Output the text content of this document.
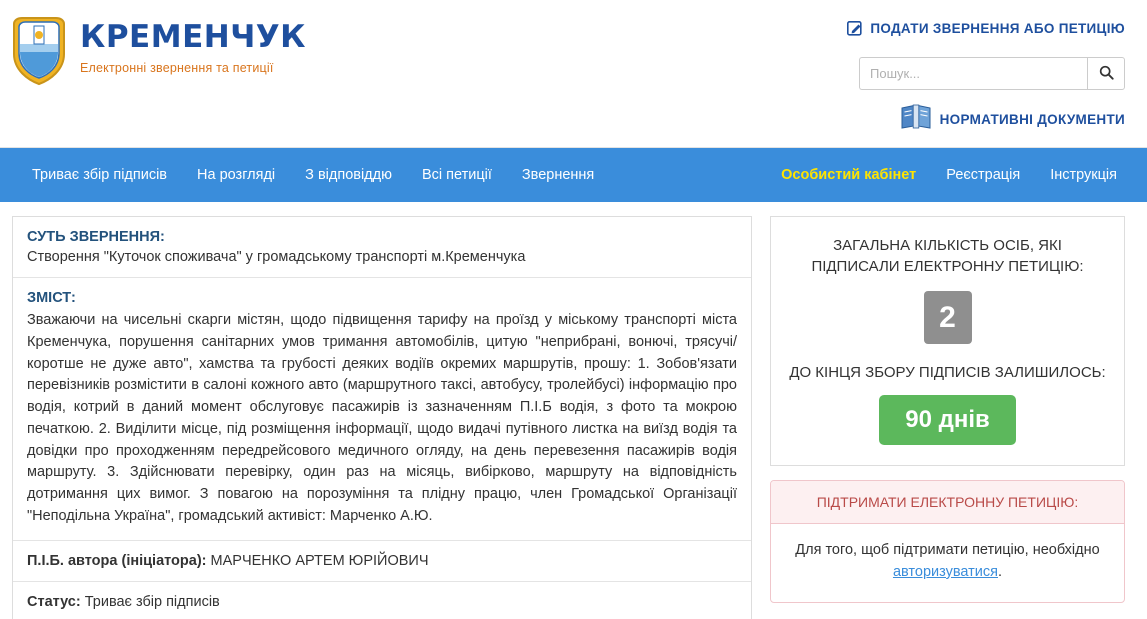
КРЕМЕНЧУК
Електронні звернення та петиції
ПОДАТИ ЗВЕРНЕННЯ АБО ПЕТИЦІЮ
Пошук...
НОРМАТИВНІ ДОКУМЕНТИ
Триває збір підписів	На розгляді	З відповіддю	Всі петиції	Звернення	Особистий кабінет	Реєстрація	Інструкція
СУТЬ ЗВЕРНЕННЯ:
Створення "Куточок споживача" у громадському транспорті м.Кременчука
ЗМІСТ:
Зважаючи на чисельні скарги містян, щодо підвищення тарифу на проїзд у міському транспорті міста Кременчука, порушення санітарних умов тримання автомобілів, цитую "неприбрані, вонючі, трясучі/ коротше не дуже авто", хамства та грубості деяких водіїв окремих маршрутів, прошу: 1. Зобов'язати перевізників розмістити в салоні кожного авто (маршрутного таксі, автобусу, тролейбусі) інформацію про водія, котрий в даний момент обслуговує пасажирів із зазначенням П.І.Б водія, з фото та мокрою печаткою. 2. Виділити місце, під розміщення інформації, щодо видачі путівного листка на виїзд водія та довідки про проходженням передрейсового медичного огляду, на день перевезення пасажирів водія маршруту. 3. Здійснювати перевірку, один раз на місяць, вибірково, маршруту на відповідність дотримання цих вимог. З повагою на порозуміння та плідну працю, член Громадської Організації "Неподільна Україна", громадський активіст: Марченко А.Ю.
П.І.Б. автора (ініціатора): МАРЧЕНКО АРТЕМ ЮРІЙОВИЧ
Статус: Триває збір підписів
ЗАГАЛЬНА КІЛЬКІСТЬ ОСІБ, ЯКІ ПІДПИСАЛИ ЕЛЕКТРОННУ ПЕТИЦІЮ:
2
ДО КІНЦЯ ЗБОРУ ПІДПИСІВ ЗАЛИШИЛОСЬ:
90 днів
ПІДТРИМАТИ ЕЛЕКТРОННУ ПЕТИЦІЮ:
Для того, щоб підтримати петицію, необхідно авторизуватися.
